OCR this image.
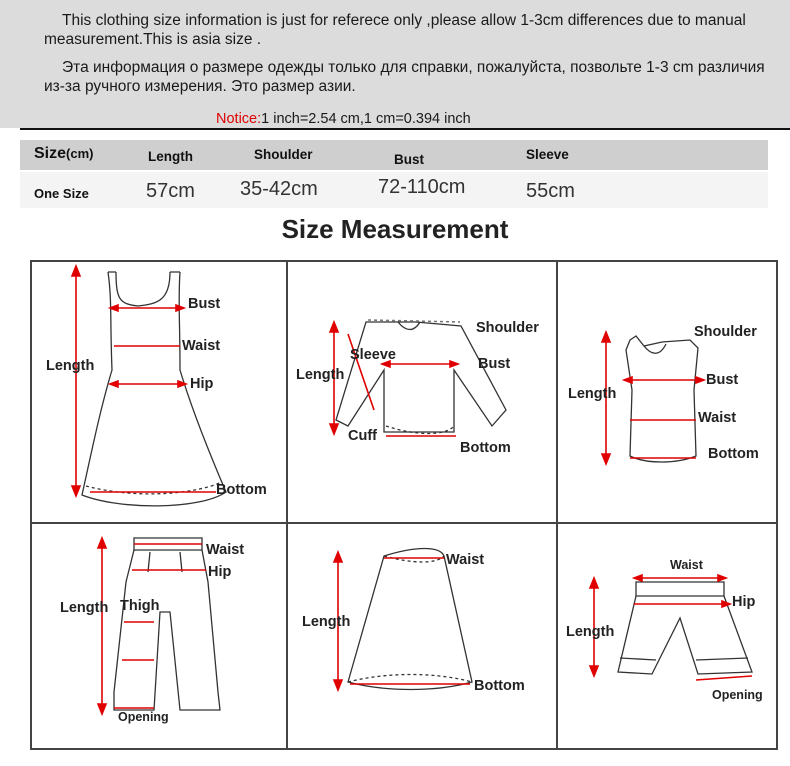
This clothing size information is just for referece only ,please allow 1-3cm differences due to manual measurement.This is asia size .

Эта информация о размере одежды только для справки, пожалуйста, позвольте 1-3 cm различия из-за ручного измерения. Это размер азии.

Notice:1 inch=2.54 cm,1 cm=0.394 inch

Size(cm)	Length	Shoulder	Bust	Sleeve
One Size	57cm 35-42cm	72-110cm	55cm
Size Measurement
Bust
Waist
Hip
Length
Bottom
Shoulder
Sleeve
Bust
Length
Cuff
Bottom
Shoulder
Bust
Length
Waist
Bottom
Waist
Hip
Length Thigh
Opening
Waist
Length
Bottom
Waist
Hip
Length
Opening
